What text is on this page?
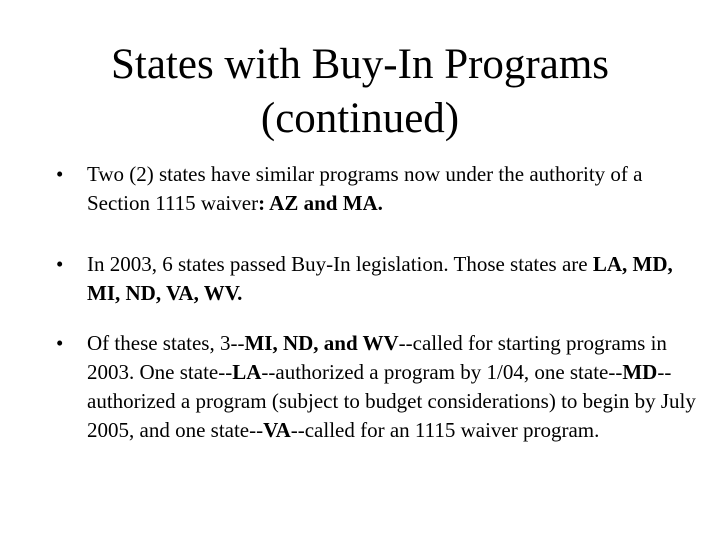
States with Buy-In Programs
(continued)
•	Two (2) states have similar programs now under the authority of a Section 1115 waiver: AZ and MA.
•	In 2003, 6 states passed Buy-In legislation. Those states are LA, MD, MI, ND, VA, WV.
•	Of these states, 3--MI, ND, and WV--called for starting programs in 2003. One state--LA--authorized a program by 1/04, one state--MD--authorized a program (subject to budget considerations) to begin by July 2005, and one state--VA--called for an 1115 waiver program.
